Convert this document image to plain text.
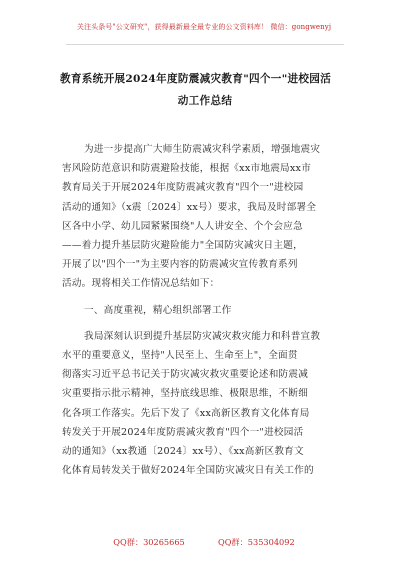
关注头条号"公文研究"，获得最新最全最专业的公文资料库！ 微信：gongwenyj
教育系统开展2024年度防震减灾教育"四个一"进校园活
动工作总结
为进一步提高广大师生防震减灾科学素质，增强地震灾
害风险防范意识和防震避险技能，根据《xx市地震局xx市
教育局关于开展2024年度防震减灾教育"四个一"进校园
活动的通知》（x震〔2024〕xx号）要求，我局及时部署全
区各中小学、幼儿园紧紧围绕"人人讲安全、个个会应急
——着力提升基层防灾避险能力"全国防灾减灾日主题，
开展了以"四个一"为主要内容的防震减灾宣传教育系列
活动。现将相关工作情况总结如下：
一、高度重视，精心组织部署工作
我局深刻认识到提升基层防灾减灾救灾能力和科普宣教
水平的重要意义，坚持"人民至上、生命至上"，全面贯
彻落实习近平总书记关于防灾减灾救灾重要论述和防震减
灾重要指示批示精神，坚持底线思维、极限思维，不断细
化各项工作落实。先后下发了《xx高新区教育文化体育局
转发关于开展2024年度防震减灾教育"四个一"进校园活
动的通知》（xx教通〔2024〕xx号）、《xx高新区教育文
化体育局转发关于做好2024年全国防灾减灾日有关工作的
QQ群：30265665	QQ群：535304092
